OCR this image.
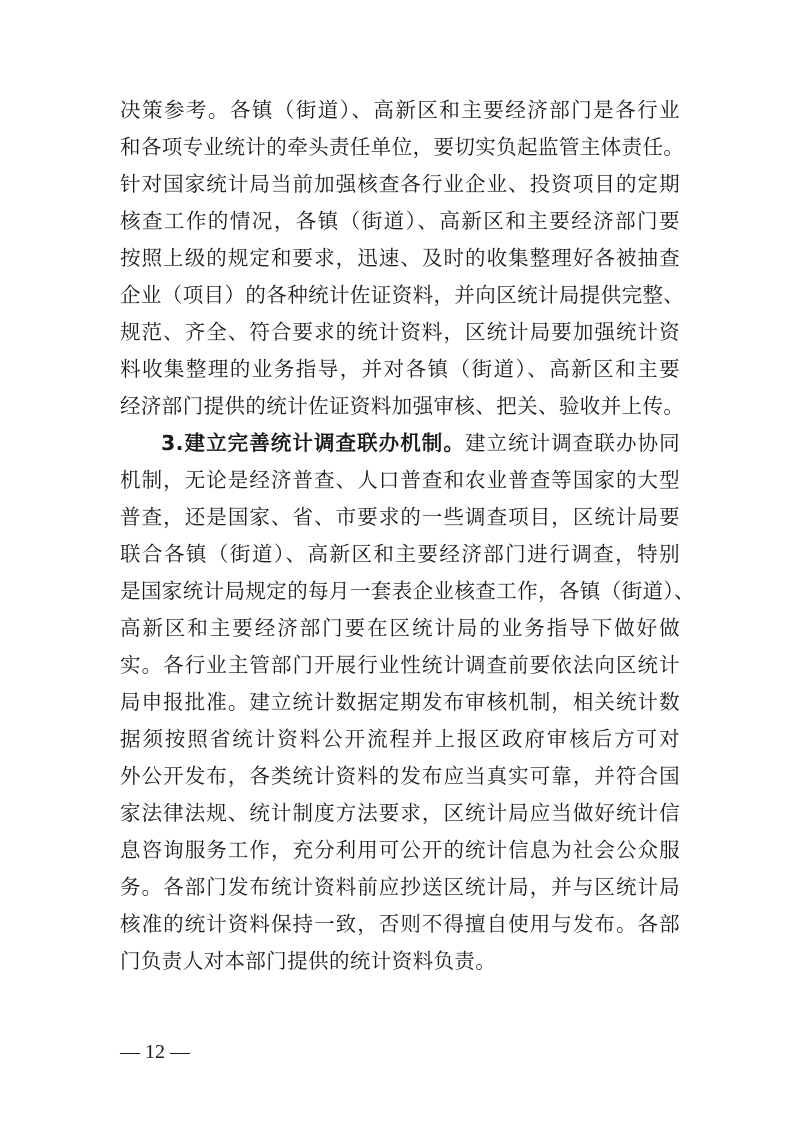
决策参考。各镇（街道）、高新区和主要经济部门是各行业
和各项专业统计的牵头责任单位，要切实负起监管主体责任。
针对国家统计局当前加强核查各行业企业、投资项目的定期
核查工作的情况，各镇（街道）、高新区和主要经济部门要
按照上级的规定和要求，迅速、及时的收集整理好各被抽查
企业（项目）的各种统计佐证资料，并向区统计局提供完整、
规范、齐全、符合要求的统计资料，区统计局要加强统计资
料收集整理的业务指导，并对各镇（街道）、高新区和主要
经济部门提供的统计佐证资料加强审核、把关、验收并上传。
3.建立完善统计调查联办机制。建立统计调查联办协同
机制，无论是经济普查、人口普查和农业普查等国家的大型
普查，还是国家、省、市要求的一些调查项目，区统计局要
联合各镇（街道）、高新区和主要经济部门进行调查，特别
是国家统计局规定的每月一套表企业核查工作，各镇（街道）、
高新区和主要经济部门要在区统计局的业务指导下做好做
实。各行业主管部门开展行业性统计调查前要依法向区统计
局申报批准。建立统计数据定期发布审核机制，相关统计数
据须按照省统计资料公开流程并上报区政府审核后方可对
外公开发布，各类统计资料的发布应当真实可靠，并符合国
家法律法规、统计制度方法要求，区统计局应当做好统计信
息咨询服务工作，充分利用可公开的统计信息为社会公众服
务。各部门发布统计资料前应抄送区统计局，并与区统计局
核准的统计资料保持一致，否则不得擅自使用与发布。各部
门负责人对本部门提供的统计资料负责。
— 12 —
